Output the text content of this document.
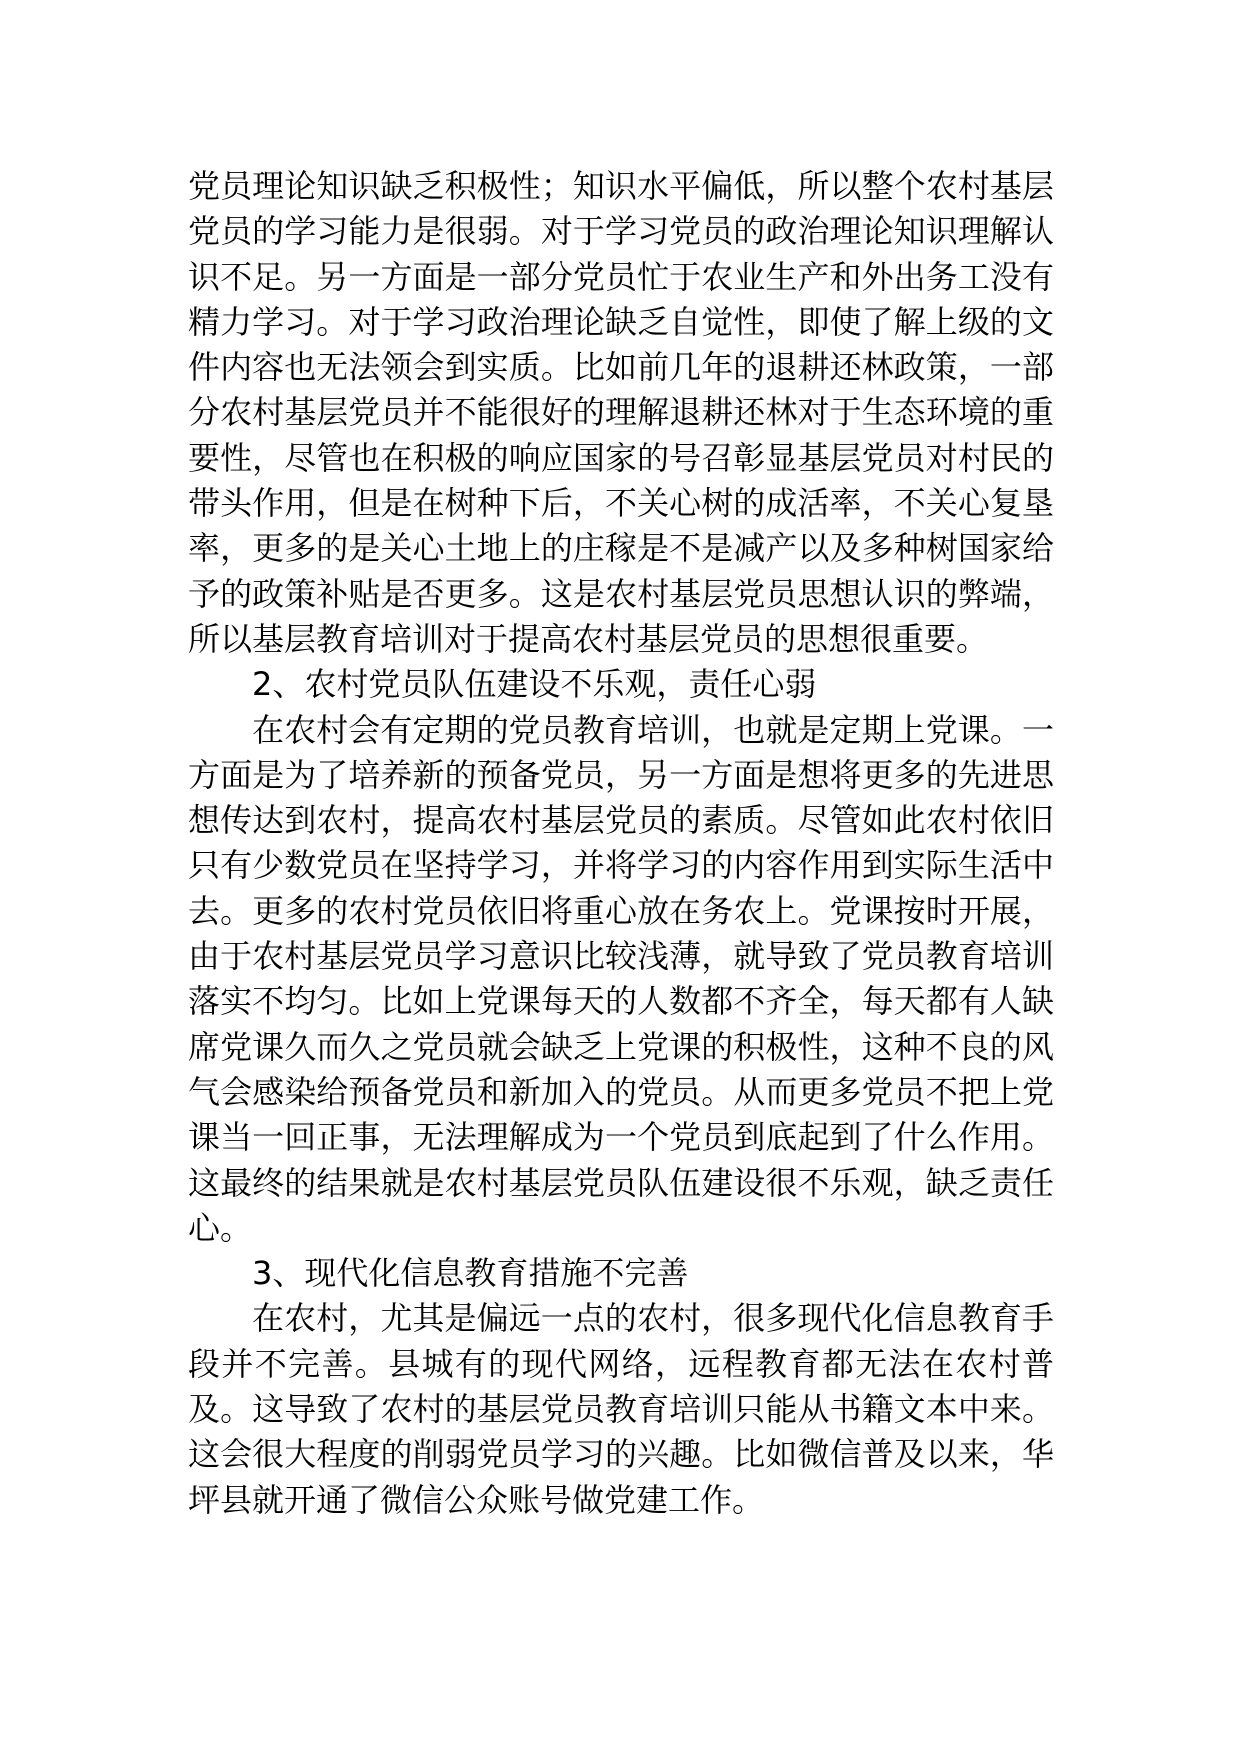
党员理论知识缺乏积极性；知识水平偏低，所以整个农村基层党员的学习能力是很弱。对于学习党员的政治理论知识理解认识不足。另一方面是一部分党员忙于农业生产和外出务工没有精力学习。对于学习政治理论缺乏自觉性，即使了解上级的文件内容也无法领会到实质。比如前几年的退耕还林政策，一部分农村基层党员并不能很好的理解退耕还林对于生态环境的重要性，尽管也在积极的响应国家的号召彰显基层党员对村民的带头作用，但是在树种下后，不关心树的成活率，不关心复垦率，更多的是关心土地上的庄稼是不是减产以及多种树国家给予的政策补贴是否更多。这是农村基层党员思想认识的弊端，所以基层教育培训对于提高农村基层党员的思想很重要。

2、农村党员队伍建设不乐观，责任心弱

在农村会有定期的党员教育培训，也就是定期上党课。一方面是为了培养新的预备党员，另一方面是想将更多的先进思想传达到农村，提高农村基层党员的素质。尽管如此农村依旧只有少数党员在坚持学习，并将学习的内容作用到实际生活中去。更多的农村党员依旧将重心放在务农上。党课按时开展，由于农村基层党员学习意识比较浅薄，就导致了党员教育培训落实不均匀。比如上党课每天的人数都不齐全，每天都有人缺席党课久而久之党员就会缺乏上党课的积极性，这种不良的风气会感染给预备党员和新加入的党员。从而更多党员不把上党课当一回正事，无法理解成为一个党员到底起到了什么作用。这最终的结果就是农村基层党员队伍建设很不乐观，缺乏责任心。

3、现代化信息教育措施不完善

在农村，尤其是偏远一点的农村，很多现代化信息教育手段并不完善。县城有的现代网络，远程教育都无法在农村普及。这导致了农村的基层党员教育培训只能从书籍文本中来。这会很大程度的削弱党员学习的兴趣。比如微信普及以来，华坪县就开通了微信公众账号做党建工作。
